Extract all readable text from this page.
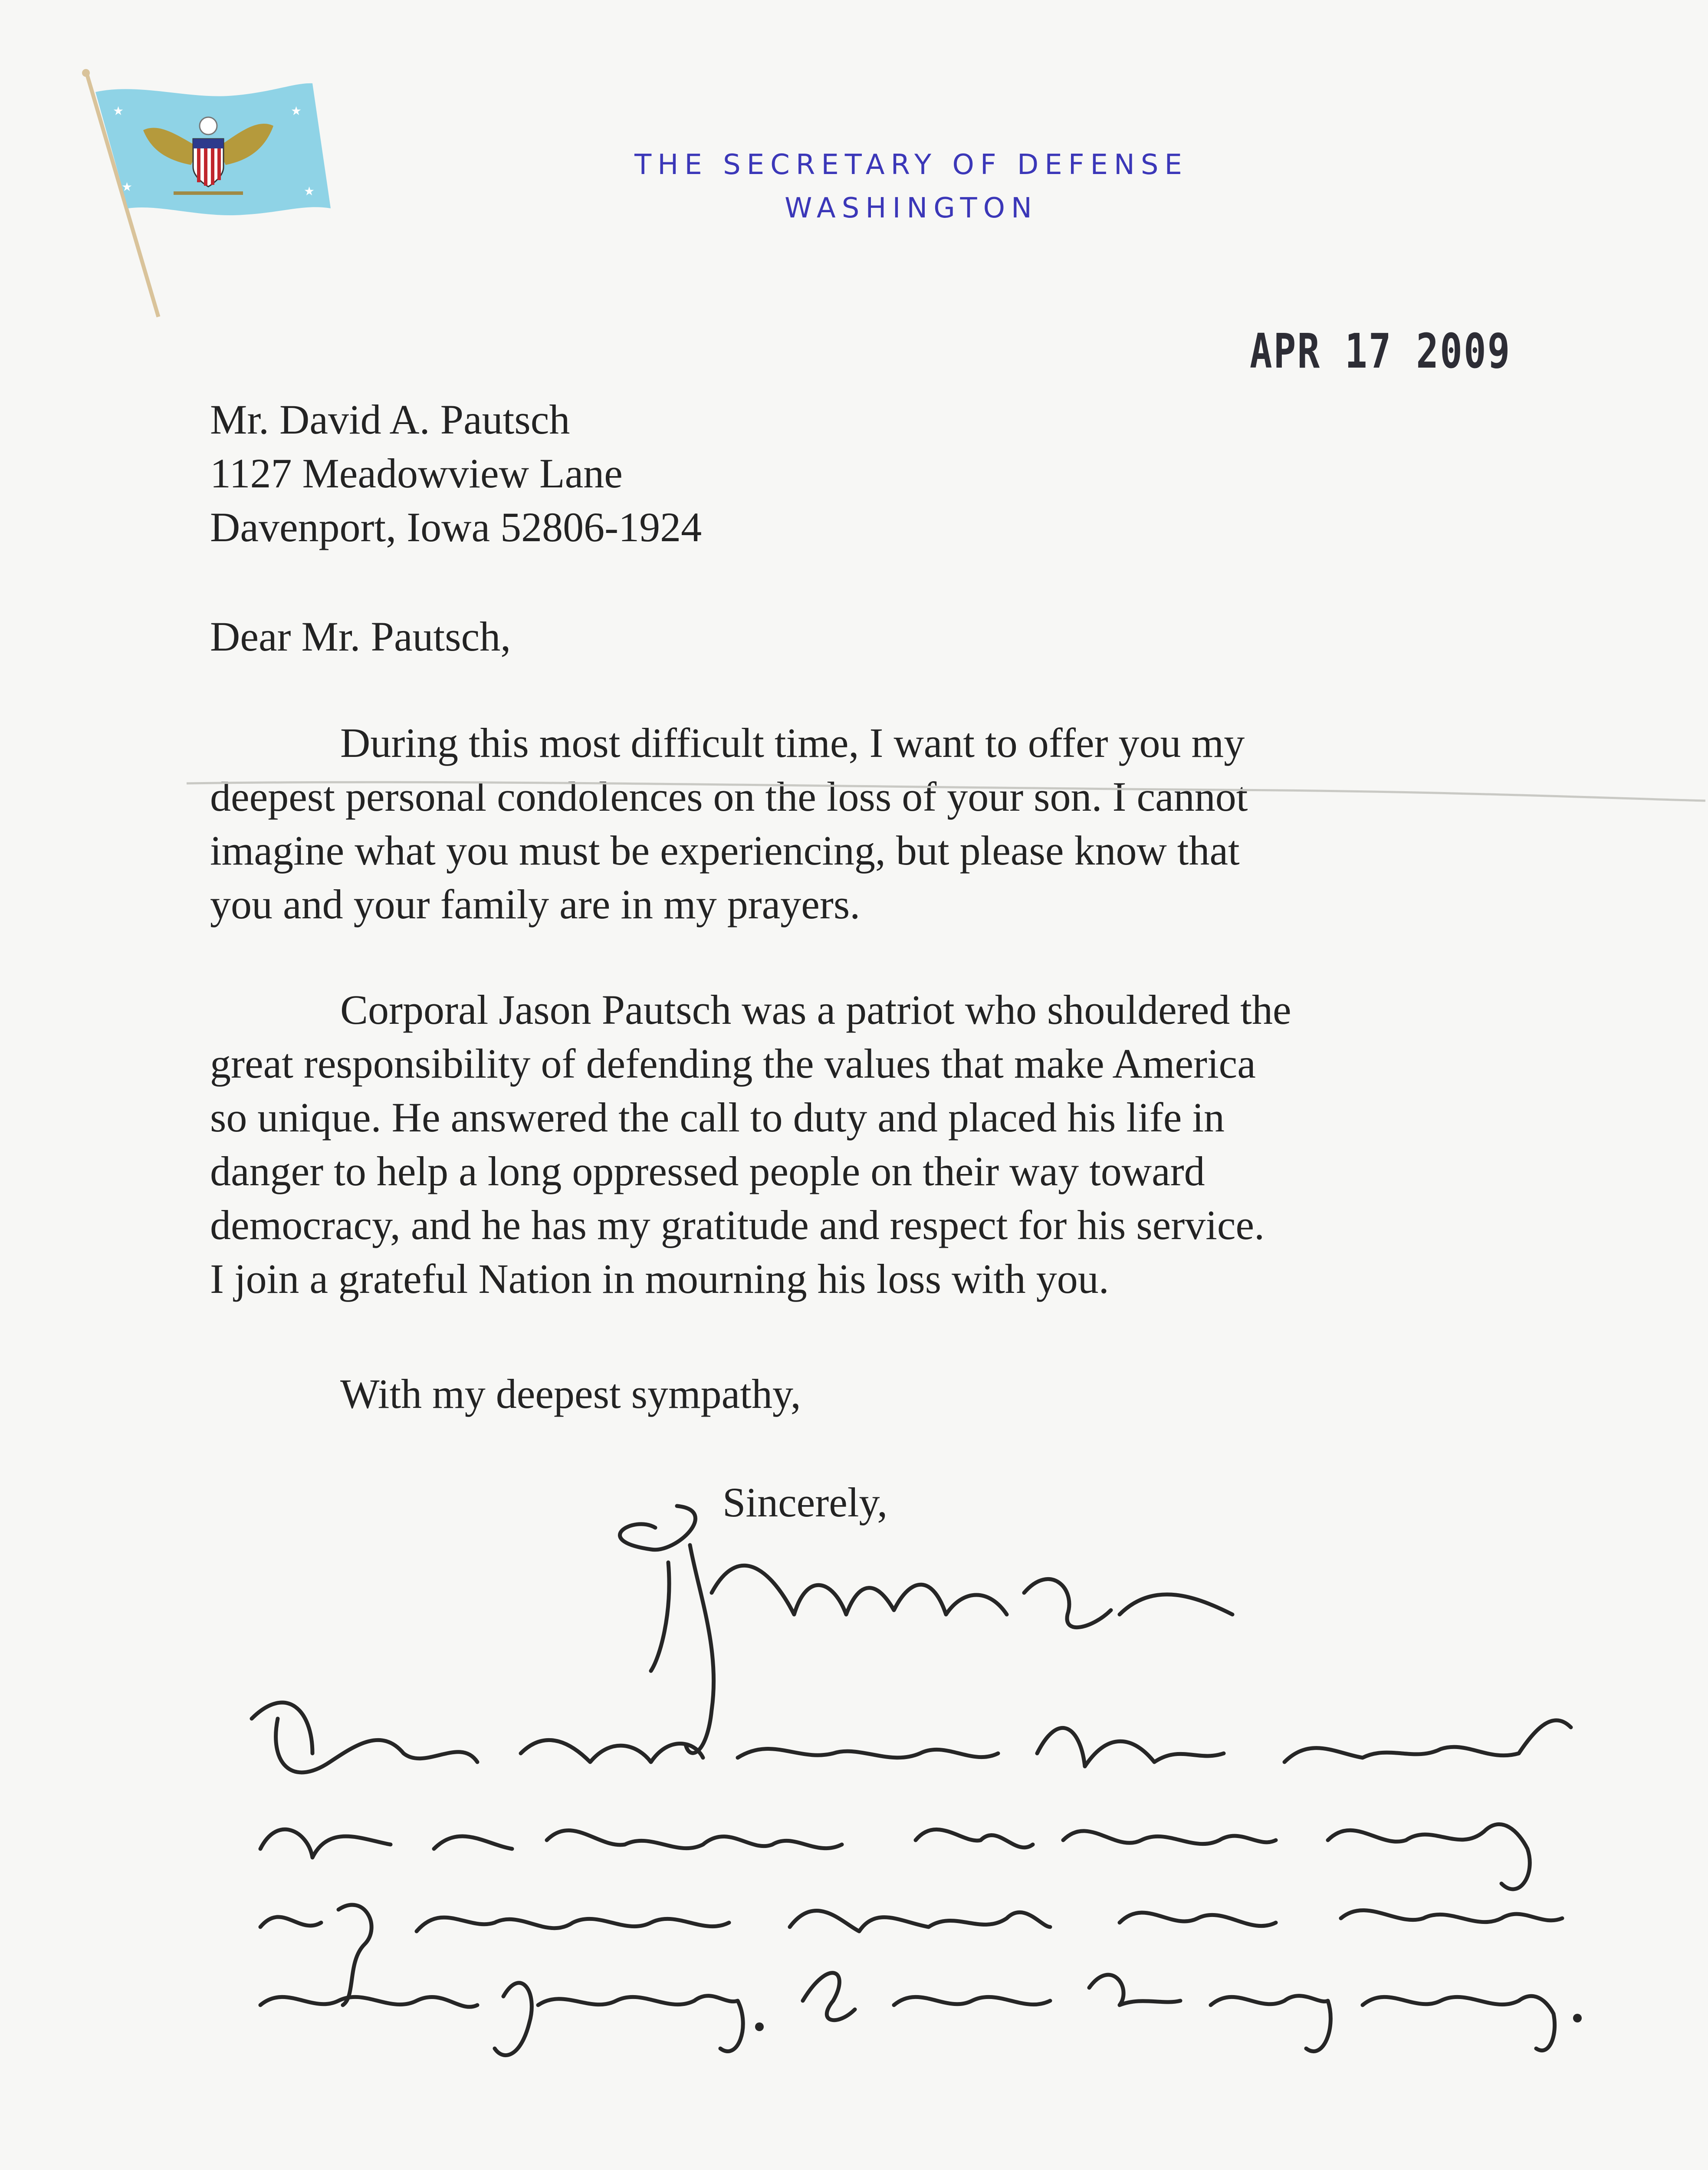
★	★
★	★
THE SECRETARY OF DEFENSE
WASHINGTON
APR 17 2009
Mr. David A. Pautsch
1127 Meadowview Lane
Davenport, Iowa 52806-1924
Dear Mr. Pautsch,
During this most difficult time, I want to offer you my
deepest personal condolences on the loss of your son. I cannot
imagine what you must be experiencing, but please know that
you and your family are in my prayers.
Corporal Jason Pautsch was a patriot who shouldered the
great responsibility of defending the values that make America
so unique. He answered the call to duty and placed his life in
danger to help a long oppressed people on their way toward
democracy, and he has my gratitude and respect for his service.
I join a grateful Nation in mourning his loss with you.
With my deepest sympathy,
Sincerely,
